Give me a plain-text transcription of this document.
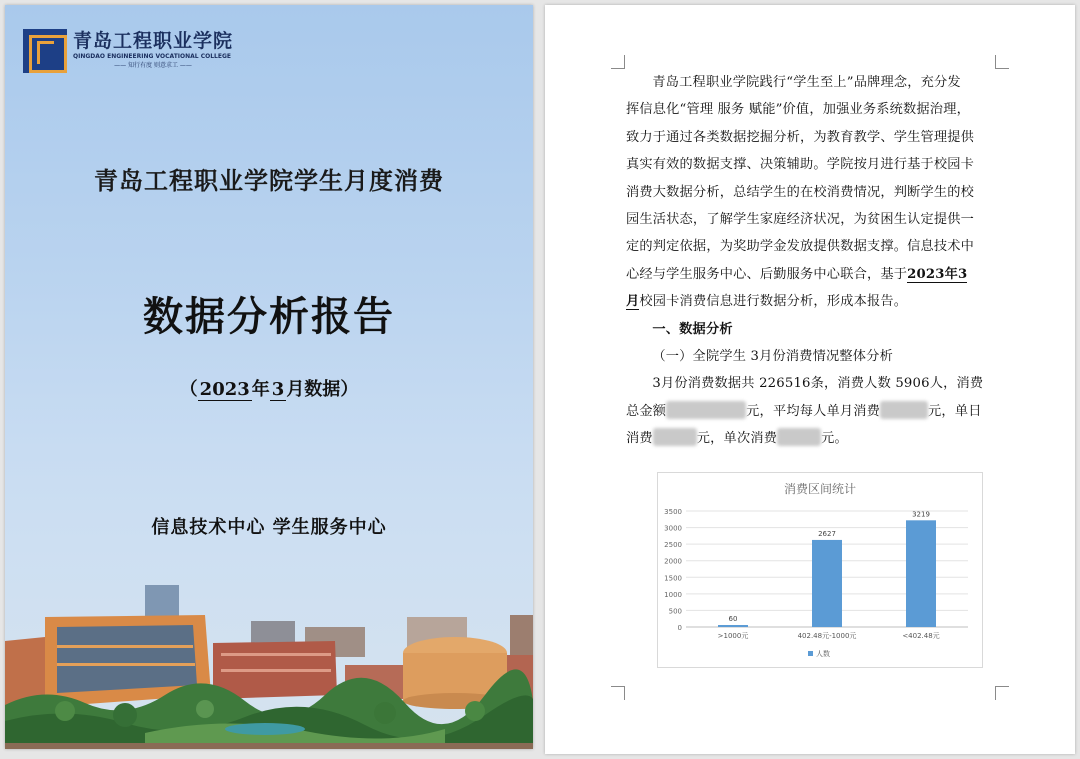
青岛工程职业学院
QINGDAO ENGINEERING VOCATIONAL COLLEGE
—— 知行有度 则意求工 ——
青岛工程职业学院学生月度消费
数据分析报告
（ 2023 年 3 月数据）
信息技术中心 学生服务中心
青岛工程职业学院践行“学生至上”品牌理念，充分发
挥信息化“管理 服务 赋能”价值，加强业务系统数据治理，
致力于通过各类数据挖掘分析，为教育教学、学生管理提供
真实有效的数据支撑、决策辅助。学院按月进行基于校园卡
消费大数据分析，总结学生的在校消费情况，判断学生的校
园生活状态，了解学生家庭经济状况，为贫困生认定提供一
定的判定依据，为奖助学金发放提供数据支撑。信息技术中
心经与学生服务中心、后勤服务中心联合，基于2023年3
月校园卡消费信息进行数据分析，形成本报告。
一、数据分析
（一）全院学生 3月份消费情况整体分析
3月份消费数据共 226516条，消费人数 5906人，消费
总金额	元，平均每人单月消费	元，单日
消费	元，单次消费	元。
消费区间统计
0
500
1000
1500
2000
2500
3000
3500
60
>1000元
2627
402.48元-1000元
3219
<402.48元
人数
